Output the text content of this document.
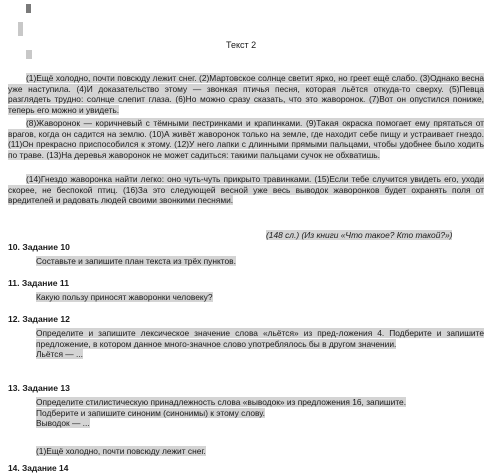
Текст 2

(1)Ещё холодно, почти повсюду лежит снег. (2)Мартовское солнце светит ярко, но греет ещё слабо. (3)Однако весна уже наступила. (4)И доказательство этому — звонкая птичья песня, которая льётся откуда-то сверху. (5)Певца разглядеть трудно: солнце слепит глаза. (6)Но можно сразу сказать, что это жаворонок. (7)Вот он опустился пониже, теперь его можно и увидеть.

(8)Жаворонок — коричневый с тёмными пестринками и крапинками. (9)Такая окраска помогает ему прятаться от врагов, когда он садится на землю. (10)А живёт жаворонок только на земле, где находит себе пищу и устраивает гнездо. (11)Он прекрасно приспособился к этому. (12)У него лапки с длинными прямыми пальцами, чтобы удобнее было ходить по траве. (13)На деревья жаворонок не может садиться: такими пальцами сучок не обхватишь.

(14)Гнездо жаворонка найти легко: оно чуть-чуть прикрыто травинками. (15)Если тебе случится увидеть его, уходи скорее, не беспокой птиц. (16)За это следующей весной уже весь выводок жаворонков будет охранять поля от вредителей и радовать людей своими звонкими песнями.

(148 сл.) (Из книги «Что такое? Кто такой?»)
10. Задание 10

Составьте и запишите план текста из трёх пунктов.

11. Задание 11

Какую пользу приносят жаворонки человеку?

12. Задание 12

Определите и запишите лексическое значение слова «льётся» из пред-ложения 4. Подберите и запишите предложение, в котором данное много-значное слово употреблялось бы в другом значении.

Льётся — ...

13. Задание 13

Определите стилистическую принадлежность слова «выводок» из предложения 16, запишите.

Подберите и запишите синоним (синонимы) к этому слову.

Выводок — ...

(1)Ещё холодно, почти повсюду лежит снег.
14. Задание 14
